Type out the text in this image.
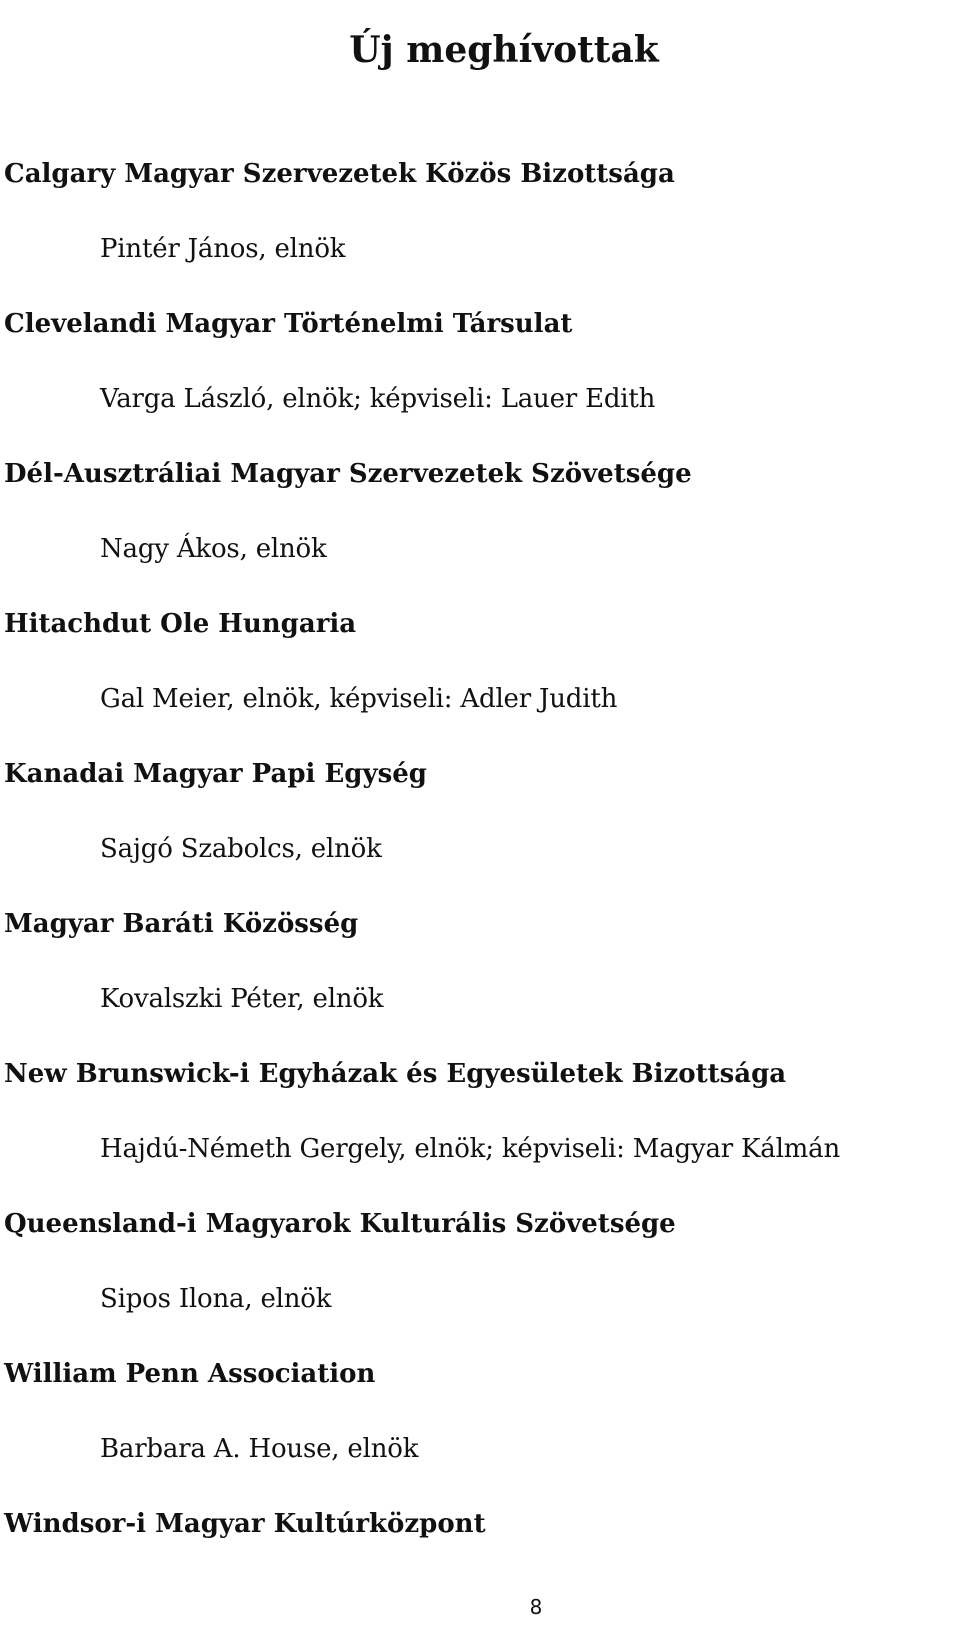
Új meghívottak
Calgary Magyar Szervezetek Közös Bizottsága
Pintér János, elnök
Clevelandi Magyar Történelmi Társulat
Varga László, elnök; képviseli: Lauer Edith
Dél-Ausztráliai Magyar Szervezetek Szövetsége
Nagy Ákos, elnök
Hitachdut Ole Hungaria
Gal Meier, elnök, képviseli: Adler Judith
Kanadai Magyar Papi Egység
Sajgó Szabolcs, elnök
Magyar Baráti Közösség
Kovalszki Péter, elnök
New Brunswick-i Egyházak és Egyesületek Bizottsága
Hajdú-Németh Gergely, elnök; képviseli: Magyar Kálmán
Queensland-i Magyarok Kulturális Szövetsége
Sipos Ilona, elnök
William Penn Association
Barbara A. House, elnök
Windsor-i Magyar Kultúrközpont
8
